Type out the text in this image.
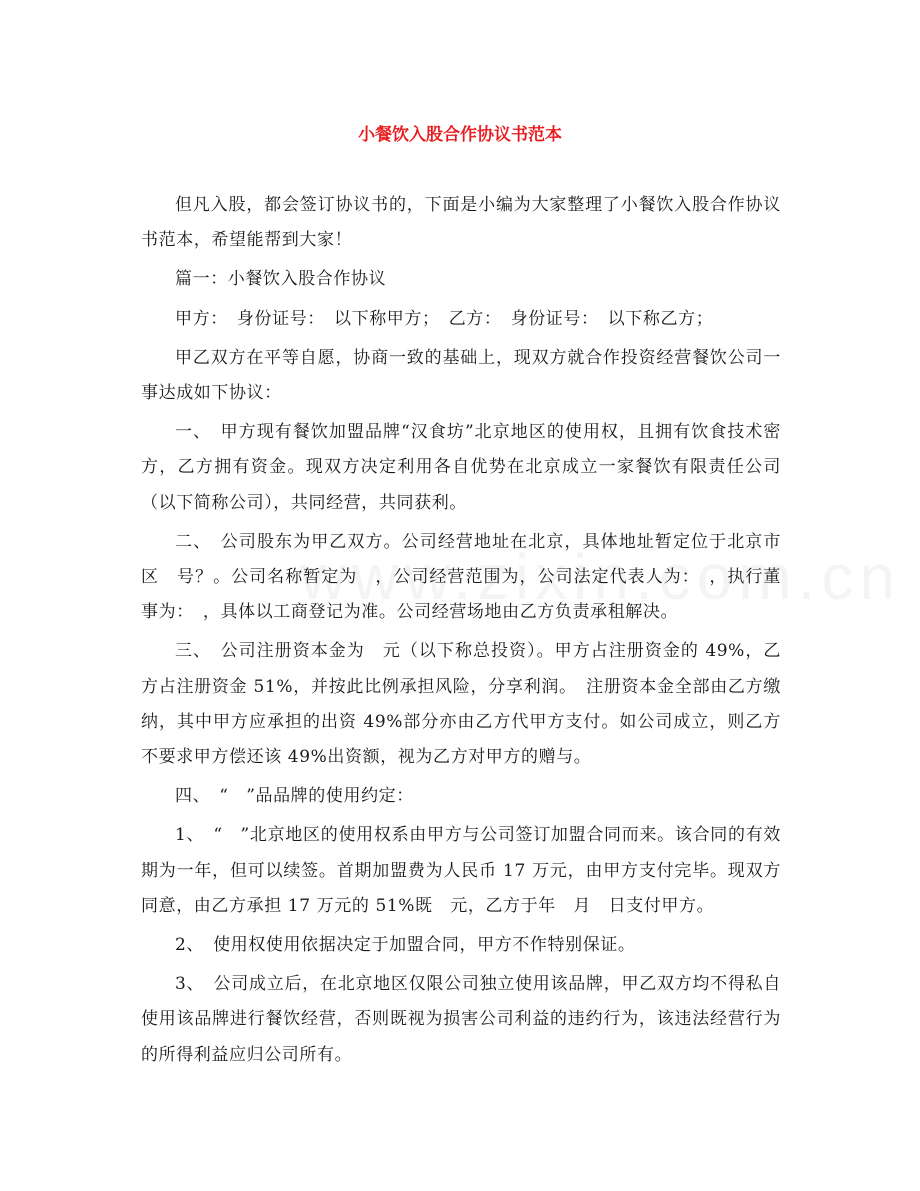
小餐饮入股合作协议书范本

但凡入股，都会签订协议书的，下面是小编为大家整理了小餐饮入股合作协议书范本，希望能帮到大家！

篇一：小餐饮入股合作协议

甲方：　身份证号：　以下称甲方；　乙方：　身份证号：　以下称乙方；

甲乙双方在平等自愿，协商一致的基础上，现双方就合作投资经营餐饮公司一事达成如下协议：

一、　甲方现有餐饮加盟品牌“汉食坊”北京地区的使用权，且拥有饮食技术密方，乙方拥有资金。现双方决定利用各自优势在北京成立一家餐饮有限责任公司（以下简称公司），共同经营，共同获利。

二、　公司股东为甲乙双方。公司经营地址在北京，具体地址暂定位于北京市区　号？。公司名称暂定为　，公司经营范围为，公司法定代表人为：　，执行董事为：　，具体以工商登记为准。公司经营场地由乙方负责承租解决。

三、　公司注册资本金为　元（以下称总投资）。甲方占注册资金的 49%，乙方占注册资金 51%，并按此比例承担风险，分享利润。　注册资本金全部由乙方缴纳，其中甲方应承担的出资 49%部分亦由乙方代甲方支付。如公司成立，则乙方不要求甲方偿还该 49%出资额，视为乙方对甲方的赠与。

四、　“　”品品牌的使用约定：

1、　“　”北京地区的使用权系由甲方与公司签订加盟合同而来。该合同的有效期为一年，但可以续签。首期加盟费为人民币 17 万元，由甲方支付完毕。现双方同意，由乙方承担 17 万元的 51%既　元，乙方于年　月　日支付甲方。

2、　使用权使用依据决定于加盟合同，甲方不作特别保证。

3、　公司成立后，在北京地区仅限公司独立使用该品牌，甲乙双方均不得私自使用该品牌进行餐饮经营，否则既视为损害公司利益的违约行为，该违法经营行为的所得利益应归公司所有。
